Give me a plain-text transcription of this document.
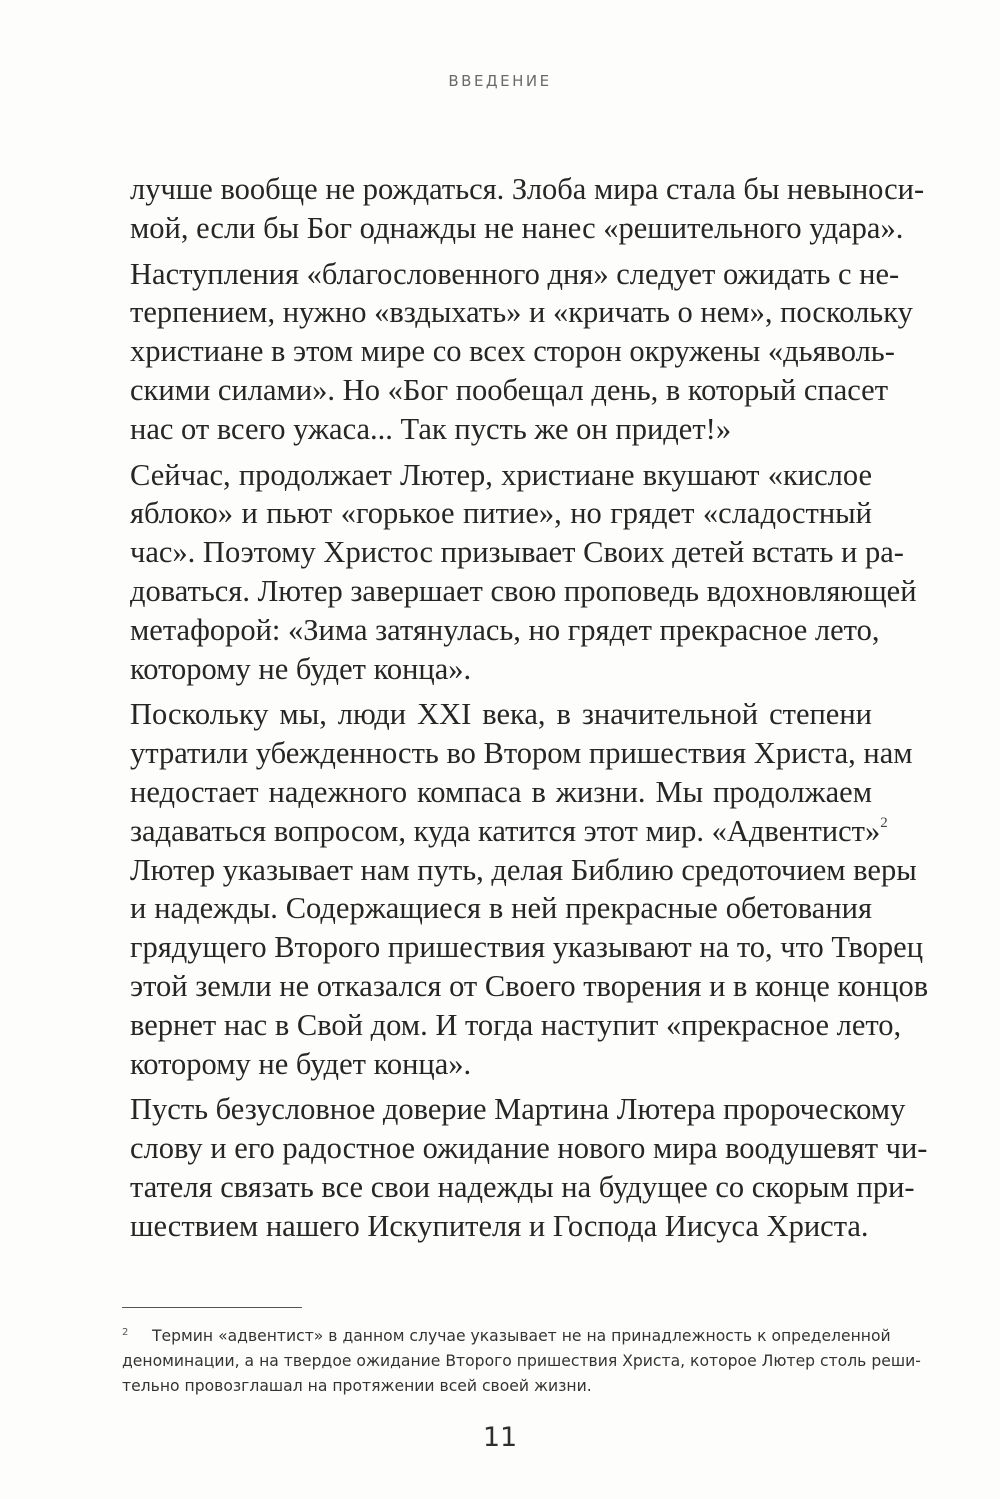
ВВЕДЕНИЕ

лучше вообще не рождаться. Злоба мира стала бы невыноси-
мой, если бы Бог однажды не нанес «решительного удара».

Наступления «благословенного дня» следует ожидать с не-
терпением, нужно «вздыхать» и «кричать о нем», поскольку
христиане в этом мире со всех сторон окружены «дьяволь-
скими силами». Но «Бог пообещал день, в который спасет
нас от всего ужаса... Так пусть же он придет!»

Сейчас, продолжает Лютер, христиане вкушают «кислое
яблоко» и пьют «горькое питие», но грядет «сладостный
час». Поэтому Христос призывает Своих детей встать и ра-
доваться. Лютер завершает свою проповедь вдохновляющей
метафорой: «Зима затянулась, но грядет прекрасное лето,
которому не будет конца».

Поскольку мы, люди XXI века, в значительной степени
утратили убежденность во Втором пришествия Христа, нам
недостает надежного компаса в жизни. Мы продолжаем
задаваться вопросом, куда катится этот мир. «Адвентист»$^2$
Лютер указывает нам путь, делая Библию средоточием веры
и надежды. Содержащиеся в ней прекрасные обетования
грядущего Второго пришествия указывают на то, что Творец
этой земли не отказался от Своего творения и в конце концов
вернет нас в Свой дом. И тогда наступит «прекрасное лето,
которому не будет конца».

Пусть безусловное доверие Мартина Лютера пророческому
слову и его радостное ожидание нового мира воодушевят чи-
тателя связать все свои надежды на будущее со скорым при-
шествием нашего Искупителя и Господа Иисуса Христа.

2 Термин «адвентист» в данном случае указывает не на принадлежность к определенной
деноминации, а на твердое ожидание Второго пришествия Христа, которое Лютер столь реши-
тельно провозглашал на протяжении всей своей жизни.
11
